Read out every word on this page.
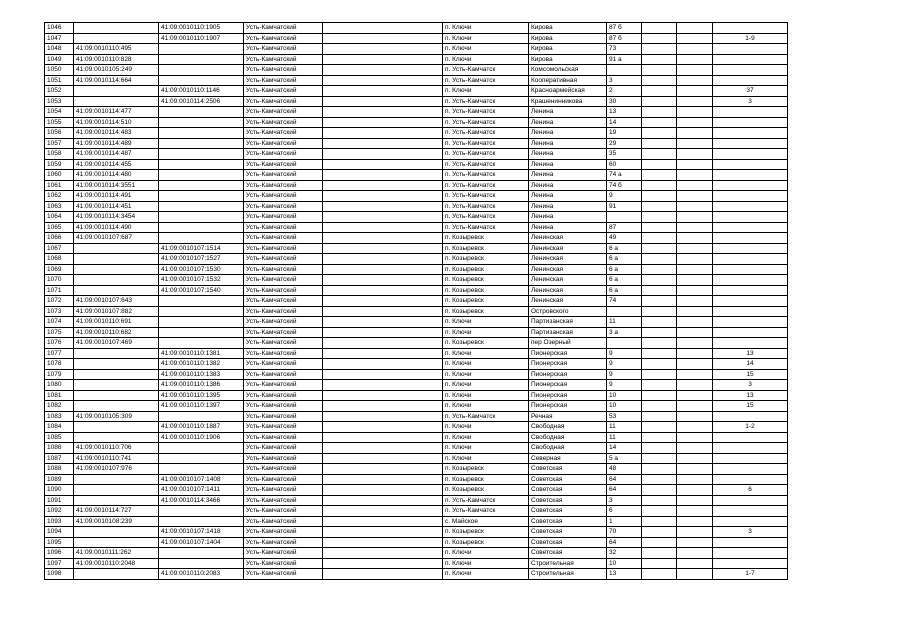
1046		41:09:0010110:1905	Усть-Камчатский		п. Ключи	Кирова	87 б			
1047		41:09:0010110:1907	Усть-Камчатский		п. Ключи	Кирова	87 б			1-9
1048	41:09:0010110:495		Усть-Камчатский		п. Ключи	Кирова	73			
1049	41:09:0010110:828		Усть-Камчатский		п. Ключи	Кирова	91 а			
1050	41:09:0010105:249		Усть-Камчатский		п. Усть-Камчатск	Комсомольская				
1051	41:09:0010114:664		Усть-Камчатский		п. Усть-Камчатск	Кооперативная	3			
1052		41:09:0010110:1146	Усть-Камчатский		п. Ключи	Красноармейская	2			37
1053		41:09:0010114:2506	Усть-Камчатский		п. Усть-Камчатск	Крашенинникова	30			3
1054	41:09:0010114:477		Усть-Камчатский		п. Усть-Камчатск	Ленина	13			
1055	41:09:0010114:510		Усть-Камчатский		п. Усть-Камчатск	Ленина	14			
1056	41:09:0010114:483		Усть-Камчатский		п. Усть-Камчатск	Ленина	19			
1057	41:09:0010114:489		Усть-Камчатский		п. Усть-Камчатск	Ленина	29			
1058	41:09:0010114:487		Усть-Камчатский		п. Усть-Камчатск	Ленина	35			
1059	41:09:0010114:455		Усть-Камчатский		п. Усть-Камчатск	Ленина	60			
1060	41:09:0010114:480		Усть-Камчатский		п. Усть-Камчатск	Ленина	74 а			
1061	41:09:0010114:3551		Усть-Камчатский		п. Усть-Камчатск	Ленина	74 б			
1062	41:09:0010114:491		Усть-Камчатский		п. Усть-Камчатск	Ленина	9			
1063	41:09:0010114:451		Усть-Камчатский		п. Усть-Камчатск	Ленина	91			
1064	41:09:0010114:3454		Усть-Камчатский		п. Усть-Камчатск	Ленина				
1065	41:09:0010114:490		Усть-Камчатский		п. Усть-Камчатск	Ленина	87			
1066	41:09:0010107:687		Усть-Камчатский		п. Козыревск	Ленинская	49			
1067		41:09:0010107:1514	Усть-Камчатский		п. Козыревск	Ленинская	6 а			
1068		41:09:0010107:1527	Усть-Камчатский		п. Козыревск	Ленинская	6 а			
1069		41:09:0010107:1530	Усть-Камчатский		п. Козыревск	Ленинская	6 а			
1070		41:09:0010107:1532	Усть-Камчатский		п. Козыревск	Ленинская	6 а			
1071		41:09:0010107:1540	Усть-Камчатский		п. Козыревск	Ленинская	6 а			
1072	41:09:0010107:643		Усть-Камчатский		п. Козыревск	Ленинская	74			
1073	41:09:0010107:882		Усть-Камчатский		п. Козыревск	Островского				
1074	41:09:0010110:691		Усть-Камчатский		п. Ключи	Партизанская	11			
1075	41:09:0010110:682		Усть-Камчатский		п. Ключи	Партизанская	3 а			
1076	41:09:0010107:469		Усть-Камчатский		п. Козыревск	пер Озерный				
1077		41:09:0010110:1381	Усть-Камчатский		п. Ключи	Пионерская	9			13
1078		41:09:0010110:1382	Усть-Камчатский		п. Ключи	Пионерская	9			14
1079		41:09:0010110:1383	Усть-Камчатский		п. Ключи	Пионерская	9			15
1080		41:09:0010110:1386	Усть-Камчатский		п. Ключи	Пионерская	9			3
1081		41:09:0010110:1395	Усть-Камчатский		п. Ключи	Пионерская	10			13
1082		41:09:0010110:1397	Усть-Камчатский		п. Ключи	Пионерская	10			15
1083	41:09:0010105:309		Усть-Камчатский		п. Усть-Камчатск	Речная	53			
1084		41:09:0010110:1887	Усть-Камчатский		п. Ключи	Свободная	11			1-2
1085		41:09:0010110:1906	Усть-Камчатский		п. Ключи	Свободная	11			
1086	41:09:0010110:706		Усть-Камчатский		п. Ключи	Свободная	14			
1087	41:09:0010110:741		Усть-Камчатский		п. Ключи	Северная	5 а			
1088	41:09:0010107:976		Усть-Камчатский		п. Козыревск	Советская	48			
1089		41:09:0010107:1408	Усть-Камчатский		п. Козыревск	Советская	64			
1090		41:09:0010107:1411	Усть-Камчатский		п. Козыревск	Советская	64			6
1091		41:09:0010114:3466	Усть-Камчатский		п. Усть-Камчатск	Советская	3			
1092	41:09:0010114:727		Усть-Камчатский		п. Усть-Камчатск	Советская	6			
1093	41:09:0010108:239		Усть-Камчатский		с. Майское	Советская	1			
1094		41:09:0010107:1418	Усть-Камчатский		п. Козыревск	Советская	70			3
1095		41:09:0010107:1404	Усть-Камчатский		п. Козыревск	Советская	64			
1096	41:09:0010111:262		Усть-Камчатский		п. Ключи	Советская	32			
1097	41:09:0010110:2048		Усть-Камчатский		п. Ключи	Строительная	10			
1098		41:09:0010110:2083	Усть-Камчатский		п. Ключи	Строительная	13			1-7
